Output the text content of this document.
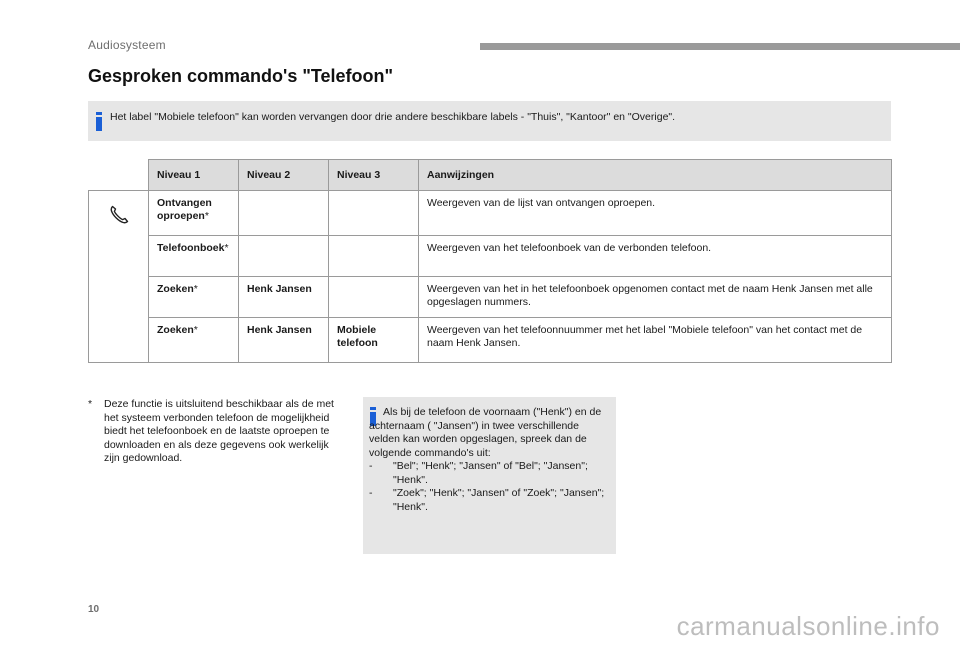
Audiosysteem
Gesproken commando's "Telefoon"
Het label "Mobiele telefoon" kan worden vervangen door drie andere beschikbare labels - "Thuis", "Kantoor" en "Overige".
	Niveau 1	Niveau 2	Niveau 3	Aanwijzingen
	Ontvangen oproepen*			Weergeven van de lijst van ontvangen oproepen.
	Telefoonboek*			Weergeven van het telefoonboek van de verbonden telefoon.
	Zoeken*	Henk Jansen		Weergeven van het in het telefoonboek opgenomen contact met de naam Henk Jansen met alle opgeslagen nummers.
	Zoeken*	Henk Jansen	Mobiele telefoon	Weergeven van het telefoonnuummer met het label "Mobiele telefoon" van het contact met de naam Henk Jansen.
* Deze functie is uitsluitend beschikbaar als de met het systeem verbonden telefoon de mogelijkheid biedt het telefoonboek en de laatste oproepen te downloaden en als deze gegevens ook werkelijk zijn gedownload.
Als bij de telefoon de voornaam ("Henk") en de achternaam ( "Jansen") in twee verschillende velden kan worden opgeslagen, spreek dan de volgende commando's uit:
- "Bel"; "Henk"; "Jansen" of "Bel"; "Jansen"; "Henk".
- "Zoek"; "Henk"; "Jansen" of "Zoek"; "Jansen"; "Henk".
10
carmanualsonline.info
